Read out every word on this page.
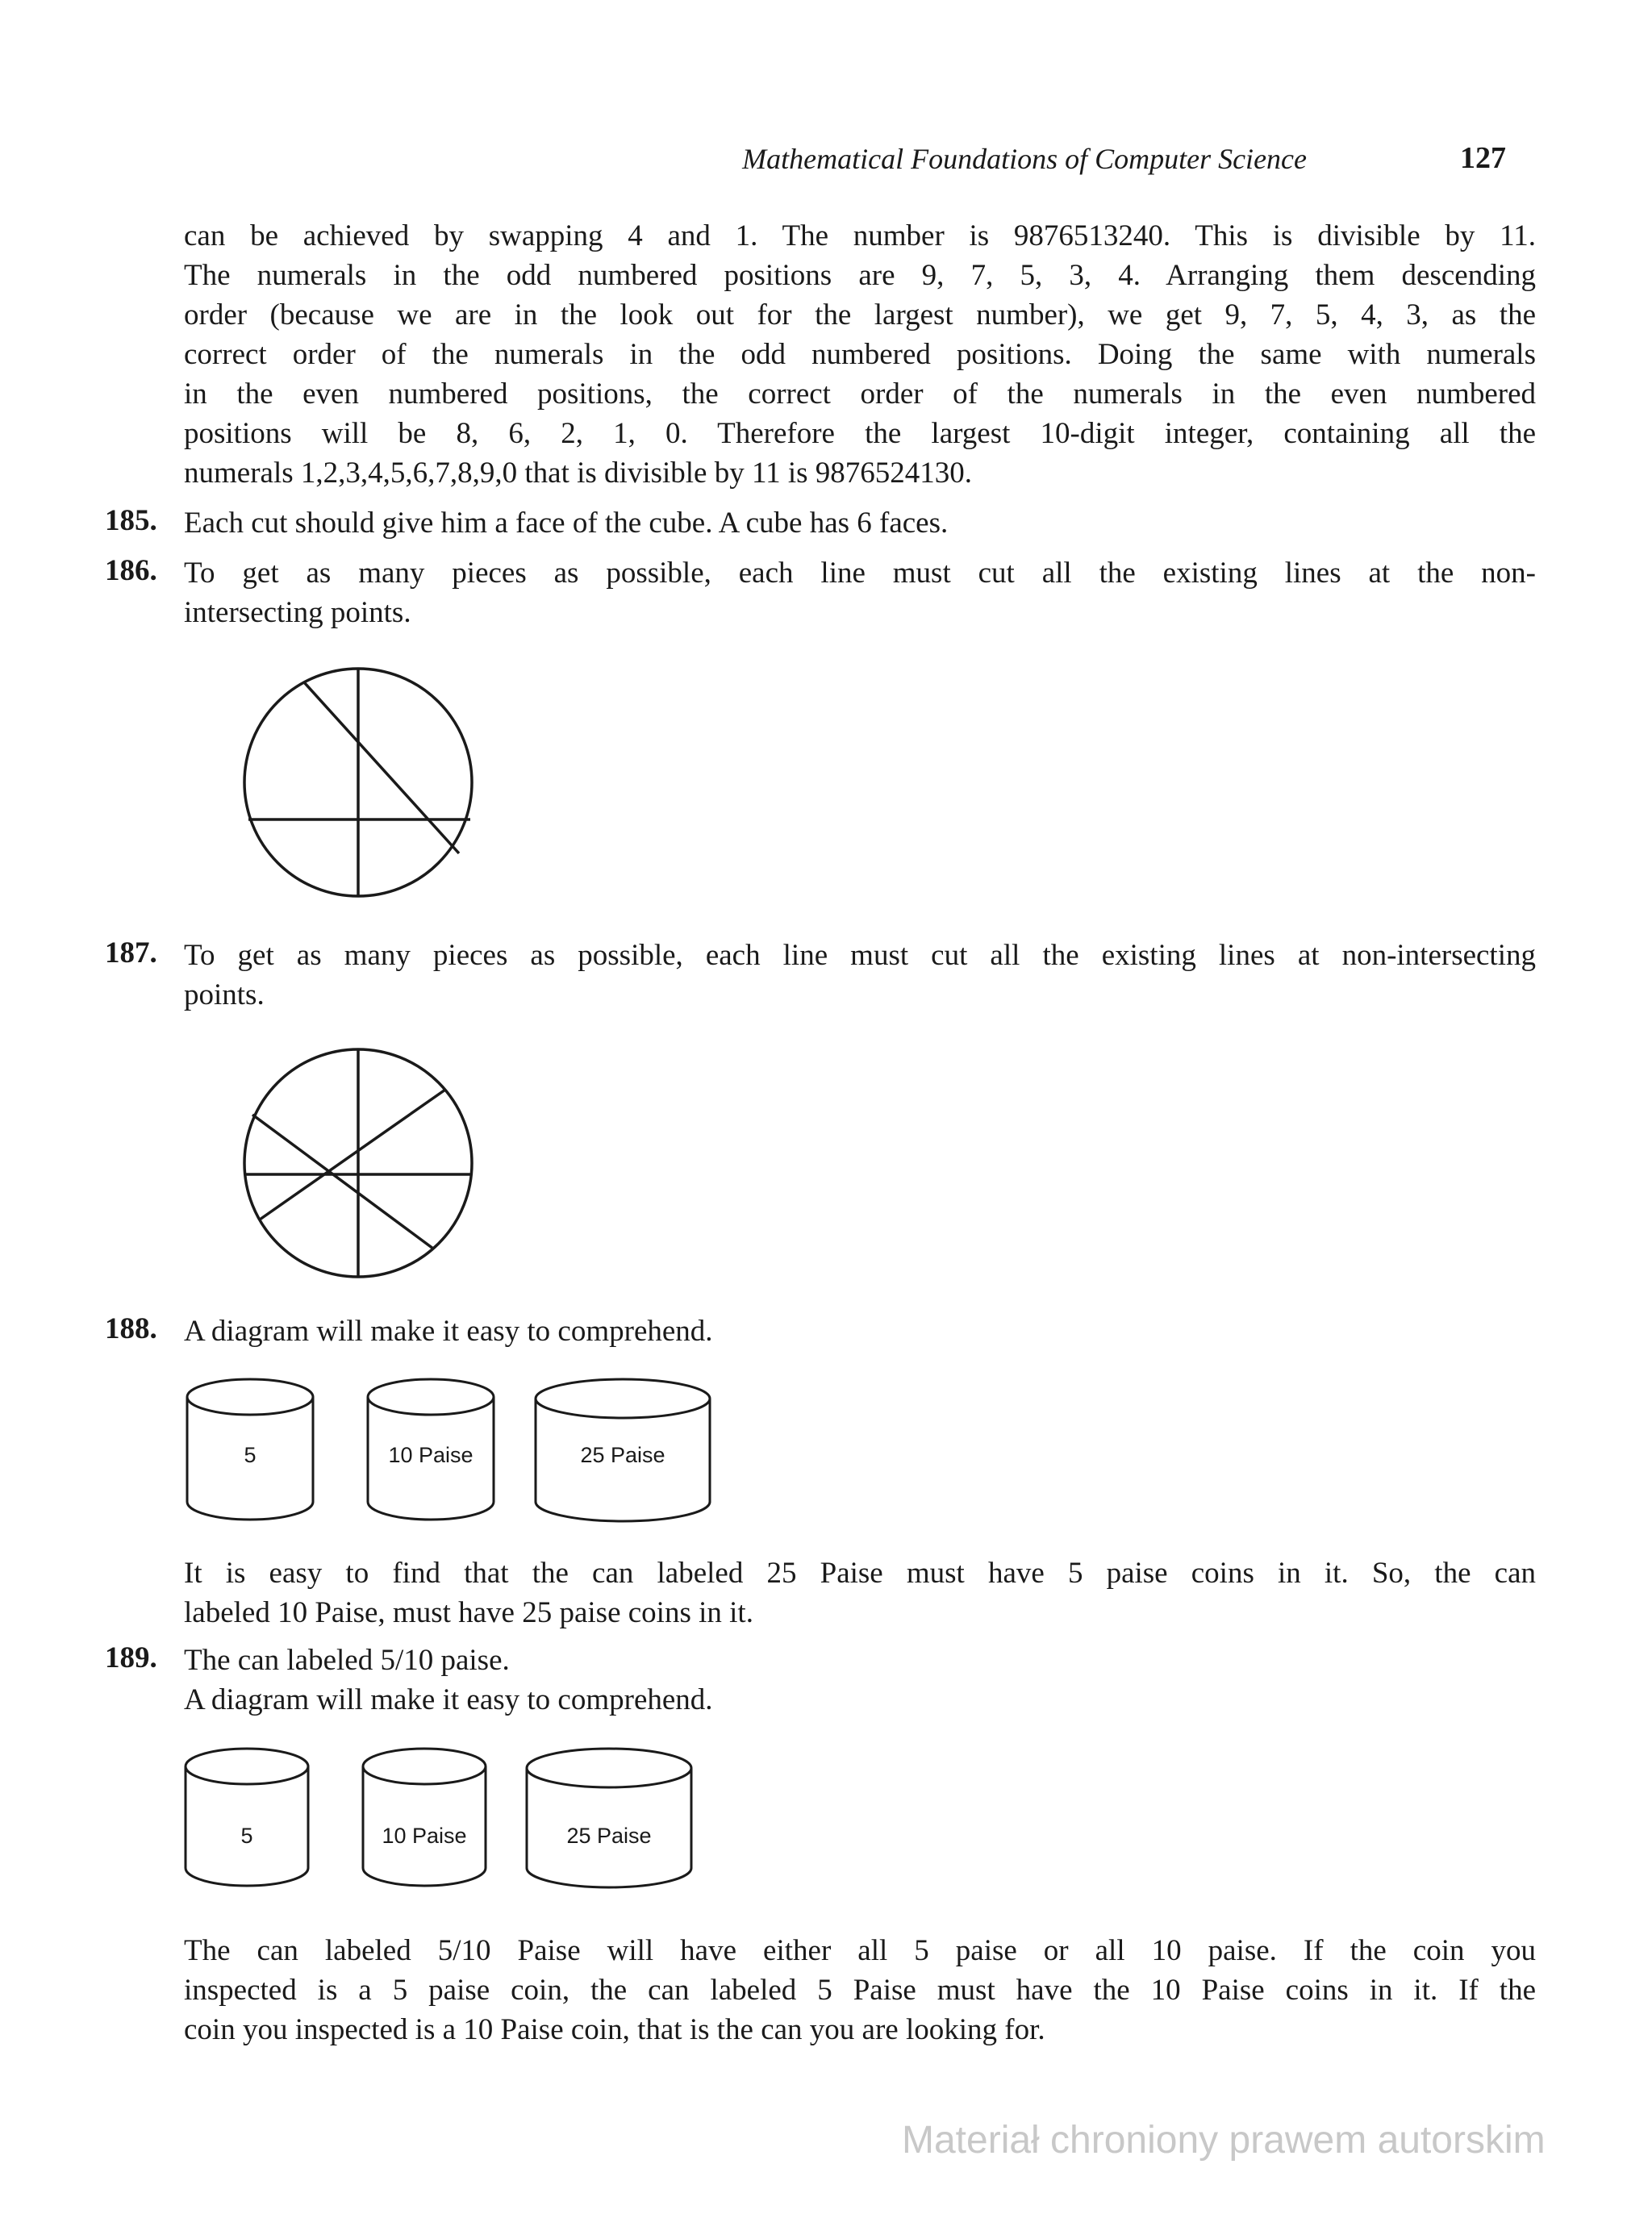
Mathematical Foundations of Computer Science	127
can be achieved by swapping 4 and 1. The number is 9876513240. This is divisible by 11.
The numerals in the odd numbered positions are 9, 7, 5, 3, 4. Arranging them descending
order (because we are in the look out for the largest number), we get 9, 7, 5, 4, 3, as the
correct order of the numerals in the odd numbered positions. Doing the same with numerals
in the even numbered positions, the correct order of the numerals in the even numbered
positions will be 8, 6, 2, 1, 0. Therefore the largest 10-digit integer, containing all the
numerals 1,2,3,4,5,6,7,8,9,0 that is divisible by 11 is 9876524130.
185. Each cut should give him a face of the cube. A cube has 6 faces.
186. To get as many pieces as possible, each line must cut all the existing lines at the non-
intersecting points.
187. To get as many pieces as possible, each line must cut all the existing lines at non-intersecting
points.
188. A diagram will make it easy to comprehend.
5	10 Paise	25 Paise
It is easy to find that the can labeled 25 Paise must have 5 paise coins in it. So, the can
labeled 10 Paise, must have 25 paise coins in it.
189. The can labeled 5/10 paise.
A diagram will make it easy to comprehend.
5	10 Paise	25 Paise
The can labeled 5/10 Paise will have either all 5 paise or all 10 paise. If the coin you
inspected is a 5 paise coin, the can labeled 5 Paise must have the 10 Paise coins in it. If the
coin you inspected is a 10 Paise coin, that is the can you are looking for.
Materiał chroniony prawem autorskim
